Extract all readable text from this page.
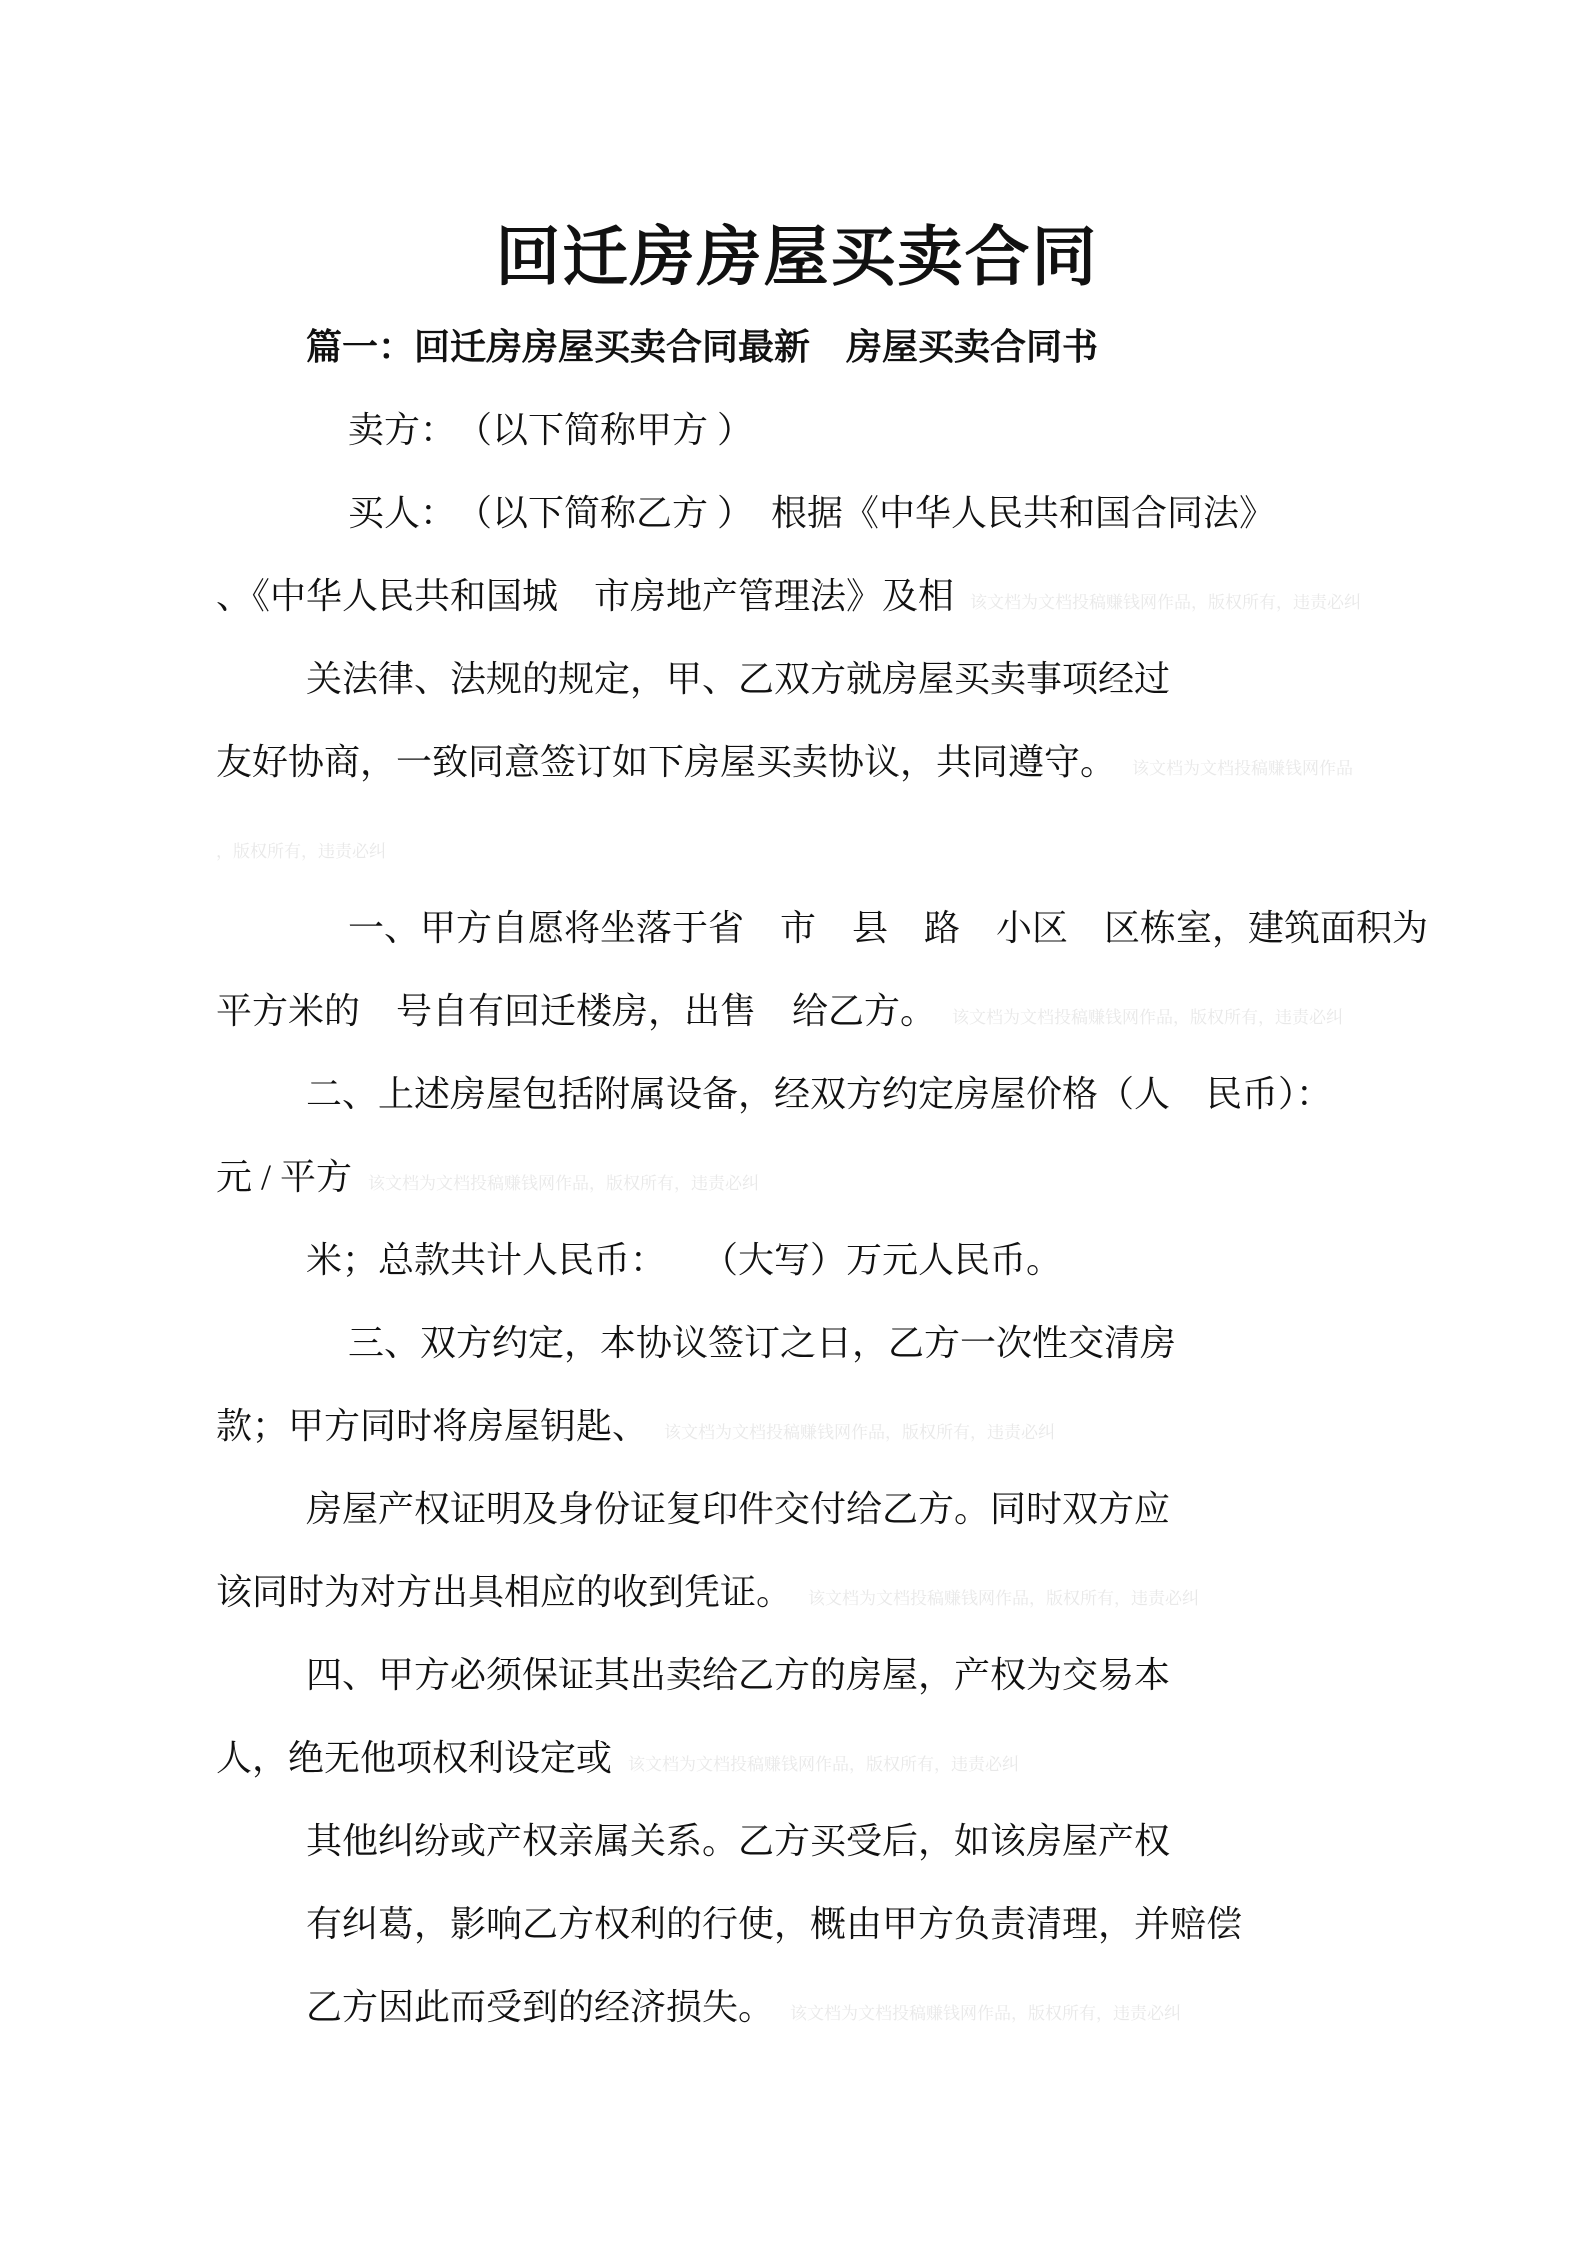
回迁房房屋买卖合同
篇一：回迁房房屋买卖合同最新　房屋买卖合同书
卖方：　（以下简称甲方 ）
买人：　（以下简称乙方 ）　根据《中华人民共和国合同法》
、《中华人民共和国城　市房地产管理法》及相 该文档为文档投稿赚钱网作品，版权所有，违责必纠
关法律、法规的规定，甲、乙双方就房屋买卖事项经过
友好协商，一致同意签订如下房屋买卖协议，共同遵守。 该文档为文档投稿赚钱网作品
，版权所有，违责必纠
一、甲方自愿将坐落于省　市　县　路　小区　区栋室，建筑面积为
平方米的　号自有回迁楼房，出售　给乙方。 该文档为文档投稿赚钱网作品，版权所有，违责必纠
二、上述房屋包括附属设备，经双方约定房屋价格（人　民币）：
元 / 平方 该文档为文档投稿赚钱网作品，版权所有，违责必纠
米；总款共计人民币：　　（大写）万元人民币。
三、双方约定，本协议签订之日，乙方一次性交清房
款；甲方同时将房屋钥匙、 该文档为文档投稿赚钱网作品，版权所有，违责必纠
房屋产权证明及身份证复印件交付给乙方。同时双方应
该同时为对方出具相应的收到凭证。 该文档为文档投稿赚钱网作品，版权所有，违责必纠
四、甲方必须保证其出卖给乙方的房屋，产权为交易本
人，绝无他项权利设定或 该文档为文档投稿赚钱网作品，版权所有，违责必纠
其他纠纷或产权亲属关系。乙方买受后，如该房屋产权
有纠葛，影响乙方权利的行使，概由甲方负责清理，并赔偿
乙方因此而受到的经济损失。 该文档为文档投稿赚钱网作品，版权所有，违责必纠
